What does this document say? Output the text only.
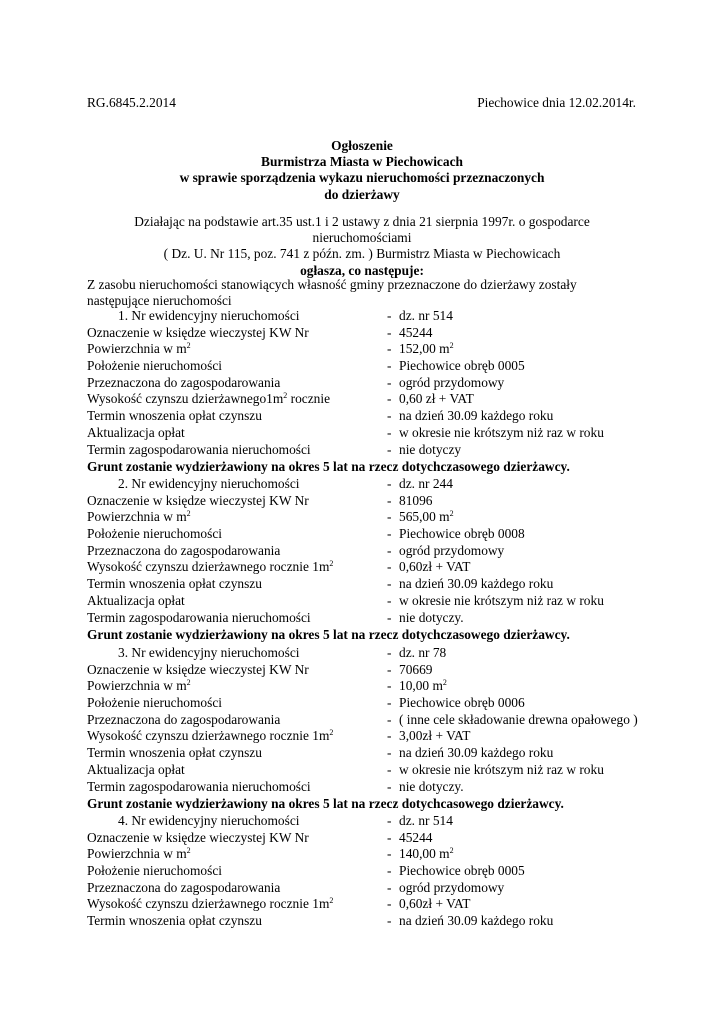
RG.6845.2.2014	Piechowice dnia 12.02.2014r.
Ogłoszenie
Burmistrza Miasta w Piechowicach
w sprawie sporządzenia wykazu nieruchomości przeznaczonych
do dzierżawy
Działając na podstawie art.35 ust.1 i 2 ustawy z dnia 21 sierpnia 1997r. o gospodarce
nieruchomościami
( Dz. U. Nr 115, poz. 741 z późn. zm. ) Burmistrz Miasta w Piechowicach
ogłasza, co następuje:
Z zasobu nieruchomości stanowiących własność gminy przeznaczone do dzierżawy zostały następujące nieruchomości
1. Nr ewidencyjny nieruchomości	- dz. nr 514
Oznaczenie w księdze wieczystej KW Nr	- 45244
Powierzchnia w $m^2$	- 152,00 $m^2$
Położenie nieruchomości	- Piechowice obręb 0005
Przeznaczona do zagospodarowania	- ogród przydomowy
Wysokość czynszu $dzierżawnego1m^2$ rocznie	- 0,60 zł + VAT
Termin wnoszenia opłat czynszu	- na dzień 30.09 każdego roku
Aktualizacja opłat	- w okresie nie krótszym niż raz w roku
Termin zagospodarowania nieruchomości	- nie dotyczy
Grunt zostanie wydzierżawiony na okres 5 lat na rzecz dotychczasowego dzierżawcy.
2. Nr ewidencyjny nieruchomości	- dz. nr 244
Oznaczenie w księdze wieczystej KW Nr	- 81096
Powierzchnia w $m^2$	- 565,00 $m^2$
Położenie nieruchomości	- Piechowice obręb 0008
Przeznaczona do zagospodarowania	- ogród przydomowy
Wysokość czynszu dzierżawnego rocznie $1m^2$	- 0,60zł + VAT
Termin wnoszenia opłat czynszu	- na dzień 30.09 każdego roku
Aktualizacja opłat	- w okresie nie krótszym niż raz w roku
Termin zagospodarowania nieruchomości	- nie dotyczy.
Grunt zostanie wydzierżawiony na okres 5 lat na rzecz dotychczasowego dzierżawcy.
3. Nr ewidencyjny nieruchomości	- dz. nr 78
Oznaczenie w księdze wieczystej KW Nr	- 70669
Powierzchnia w $m^2$	- 10,00 $m^2$
Położenie nieruchomości	- Piechowice obręb 0006
Przeznaczona do zagospodarowania	- ( inne cele składowanie drewna opałowego )
Wysokość czynszu dzierżawnego rocznie $1m^2$	- 3,00zł + VAT
Termin wnoszenia opłat czynszu	- na dzień 30.09 każdego roku
Aktualizacja opłat	- w okresie nie krótszym niż raz w roku
Termin zagospodarowania nieruchomości	- nie dotyczy.
Grunt zostanie wydzierżawiony na okres 5 lat na rzecz dotychcasowego dzierżawcy.
4. Nr ewidencyjny nieruchomości	- dz. nr 514
Oznaczenie w księdze wieczystej KW Nr	- 45244
Powierzchnia w $m^2$	- 140,00 $m^2$
Położenie nieruchomości	- Piechowice obręb 0005
Przeznaczona do zagospodarowania	- ogród przydomowy
Wysokość czynszu dzierżawnego rocznie $1m^2$	- 0,60zł + VAT
Termin wnoszenia opłat czynszu	- na dzień 30.09 każdego roku
